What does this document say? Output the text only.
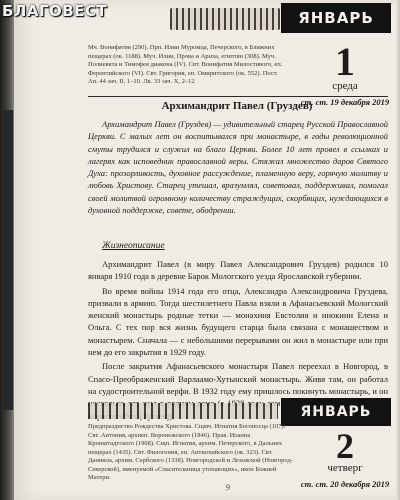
БЛАГОВЕСТ	ЯНВАРЬ
Мч. Вонифатия (290). Прп. Илии Муромца, Печерского, в Ближних пещерах (ок. 1188). Муч. Илии, Прова и Ариха, египтян (308). Муч. Полиевкта и Тимофея диакона (IV). Свт. Вонифатия Милостивого, еп. Ферентийского (VI). Свт. Григория, еп. Омиритского (ок. 552). Пост. Ап. 44 зач. II, 1–10. Лк. 33 зач. X, 2–12	1
среда
ст. ст. 19 декабря 2019
Архимандрит Павел (Груздев)

Архимандрит Павел (Груздев) — удивительный старец Русской Православной Церкви. С малых лет он воспитывался при монастыре, в годы революционной смуты трудился и служил на благо Церкви. Более 10 лет провел в ссылках и лагерях как исповедник православной веры. Стяжал множество даров Святого Духа: прозорливость, духовное рассуждение, пламенную веру, горячую молитву и любовь Христову. Старец утешал, вразумлял, советовал, поддерживал, помогал своей молитвой огромному количеству страждущих, скорбящих, нуждающихся в духовной поддержке, совете, ободрении.

Жизнеописание

Архимандрит Павел (в миру Павел Александрович Груздев) родился 10 января 1910 года в деревне Барок Мологского уезда Ярославской губернии.

Во время войны 1914 года его отца, Александра Александровича Груздева, призвали в армию. Тогда шестилетнего Павла взяли в Афанасьевский Мологский женский монастырь родные тетки — монахиня Евстолия и инокини Елена и Ольга. С тех пор вся жизнь будущего старца была связана с монашеством и монастырем. Сначала — с небольшими перерывами он жил в монастыре или при нем до его закрытия в 1929 году.

После закрытия Афанасьевского монастыря Павел переехал в Новгород, в Спасо-Преображенский Варлаамо-Хутынский монастырь. Живя там, он работал на судостроительной верфи. В 1932 году ему пришлось покинуть монастырь, и он

ЯНВАРЬ
Предпразднство Рождества Христова. Сщмч. Игнатия Богоносца (107). Свт. Антония, архиеп. Воронежского (1846). Прав. Иоанна Кронштадтского (1908). Сщп. Игнатия, архим. Печерского, в Дальних пещерах (1435). Свт. Филогония, еп. Антиохийского (ок. 323). Свт. Даниила, архим. Сербского (1338). Новгородской и Леховской (Новгород-Северской), именуемой «Спасительница утопающих», икон Божией Матери.
2
четверг
ст. ст. 20 декабря 2019
9
